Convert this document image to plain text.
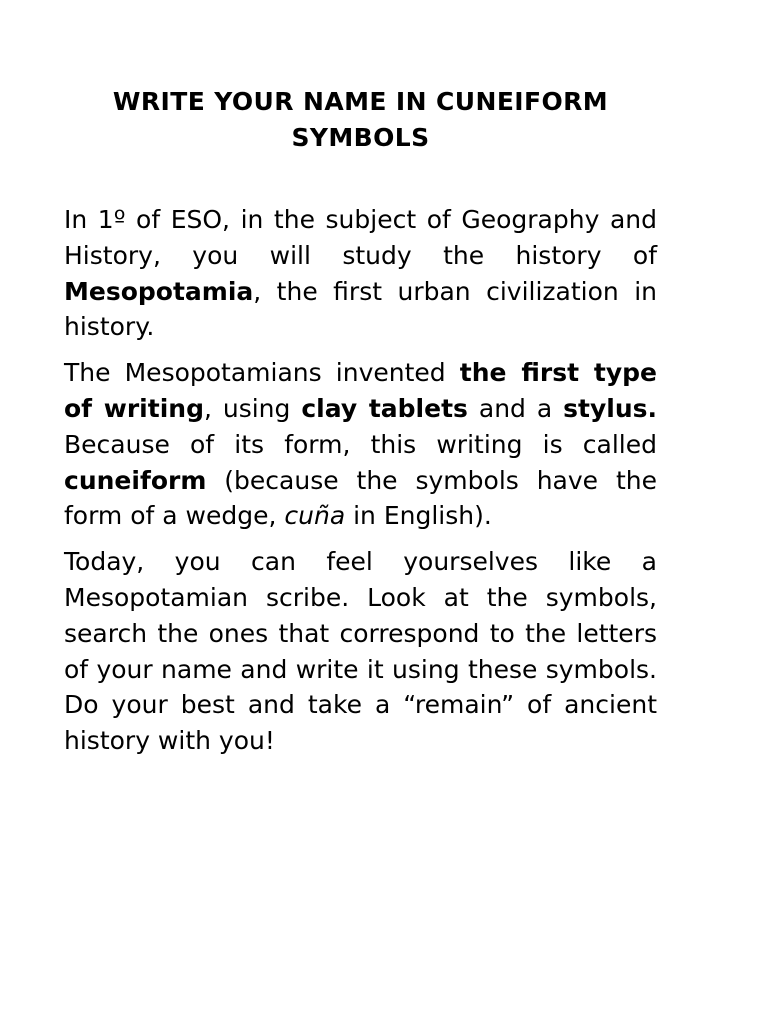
WRITE YOUR NAME IN CUNEIFORM SYMBOLS

In 1º of ESO, in the subject of Geography and History, you will study the history of Mesopotamia, the first urban civilization in history.

The Mesopotamians invented the first type of writing, using clay tablets and a stylus. Because of its form, this writing is called cuneiform (because the symbols have the form of a wedge, cuña in English).

Today, you can feel yourselves like a Mesopotamian scribe. Look at the symbols, search the ones that correspond to the letters of your name and write it using these symbols. Do your best and take a “remain” of ancient history with you!
